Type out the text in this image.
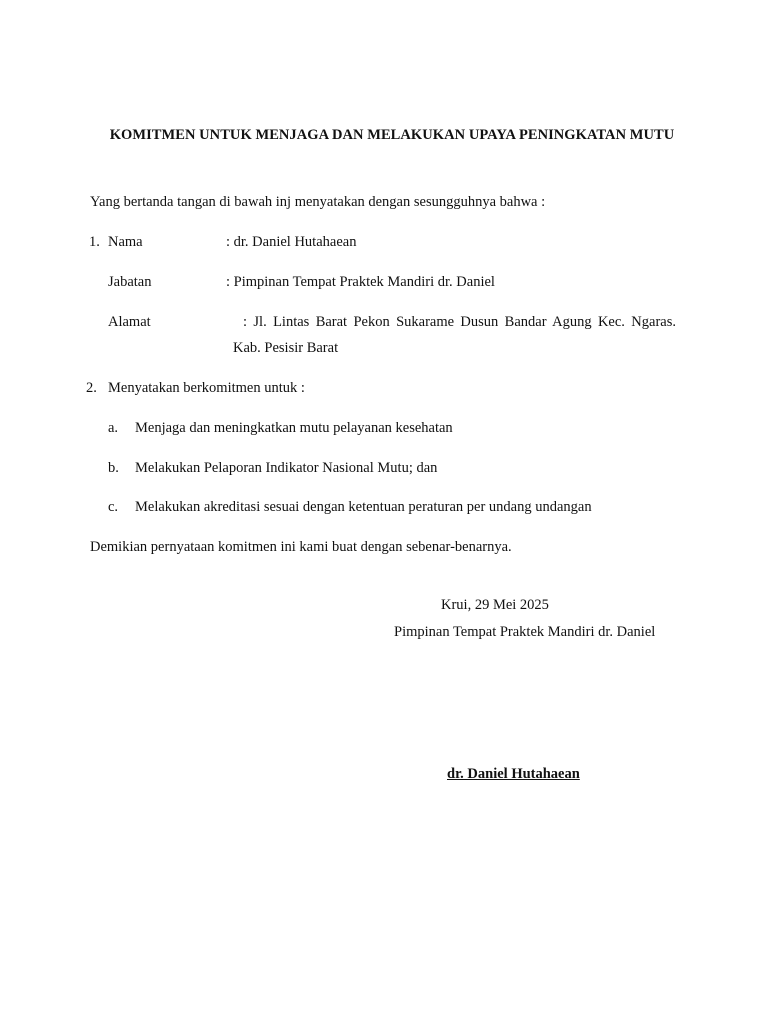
KOMITMEN UNTUK MENJAGA DAN MELAKUKAN UPAYA PENINGKATAN MUTU
Yang bertanda tangan di bawah inj menyatakan dengan sesungguhnya bahwa :
1. Nama	: dr. Daniel Hutahaean
Jabatan	: Pimpinan Tempat Praktek Mandiri dr. Daniel
Alamat	: Jl. Lintas Barat Pekon Sukarame Dusun Bandar Agung Kec. Ngaras.
Kab. Pesisir Barat
2. Menyatakan berkomitmen untuk :
a. Menjaga dan meningkatkan mutu pelayanan kesehatan
b. Melakukan Pelaporan Indikator Nasional Mutu; dan
c. Melakukan akreditasi sesuai dengan ketentuan peraturan per undang undangan
Demikian pernyataan komitmen ini kami buat dengan sebenar-benarnya.
Krui, 29 Mei 2025
Pimpinan Tempat Praktek Mandiri dr. Daniel
dr. Daniel Hutahaean
